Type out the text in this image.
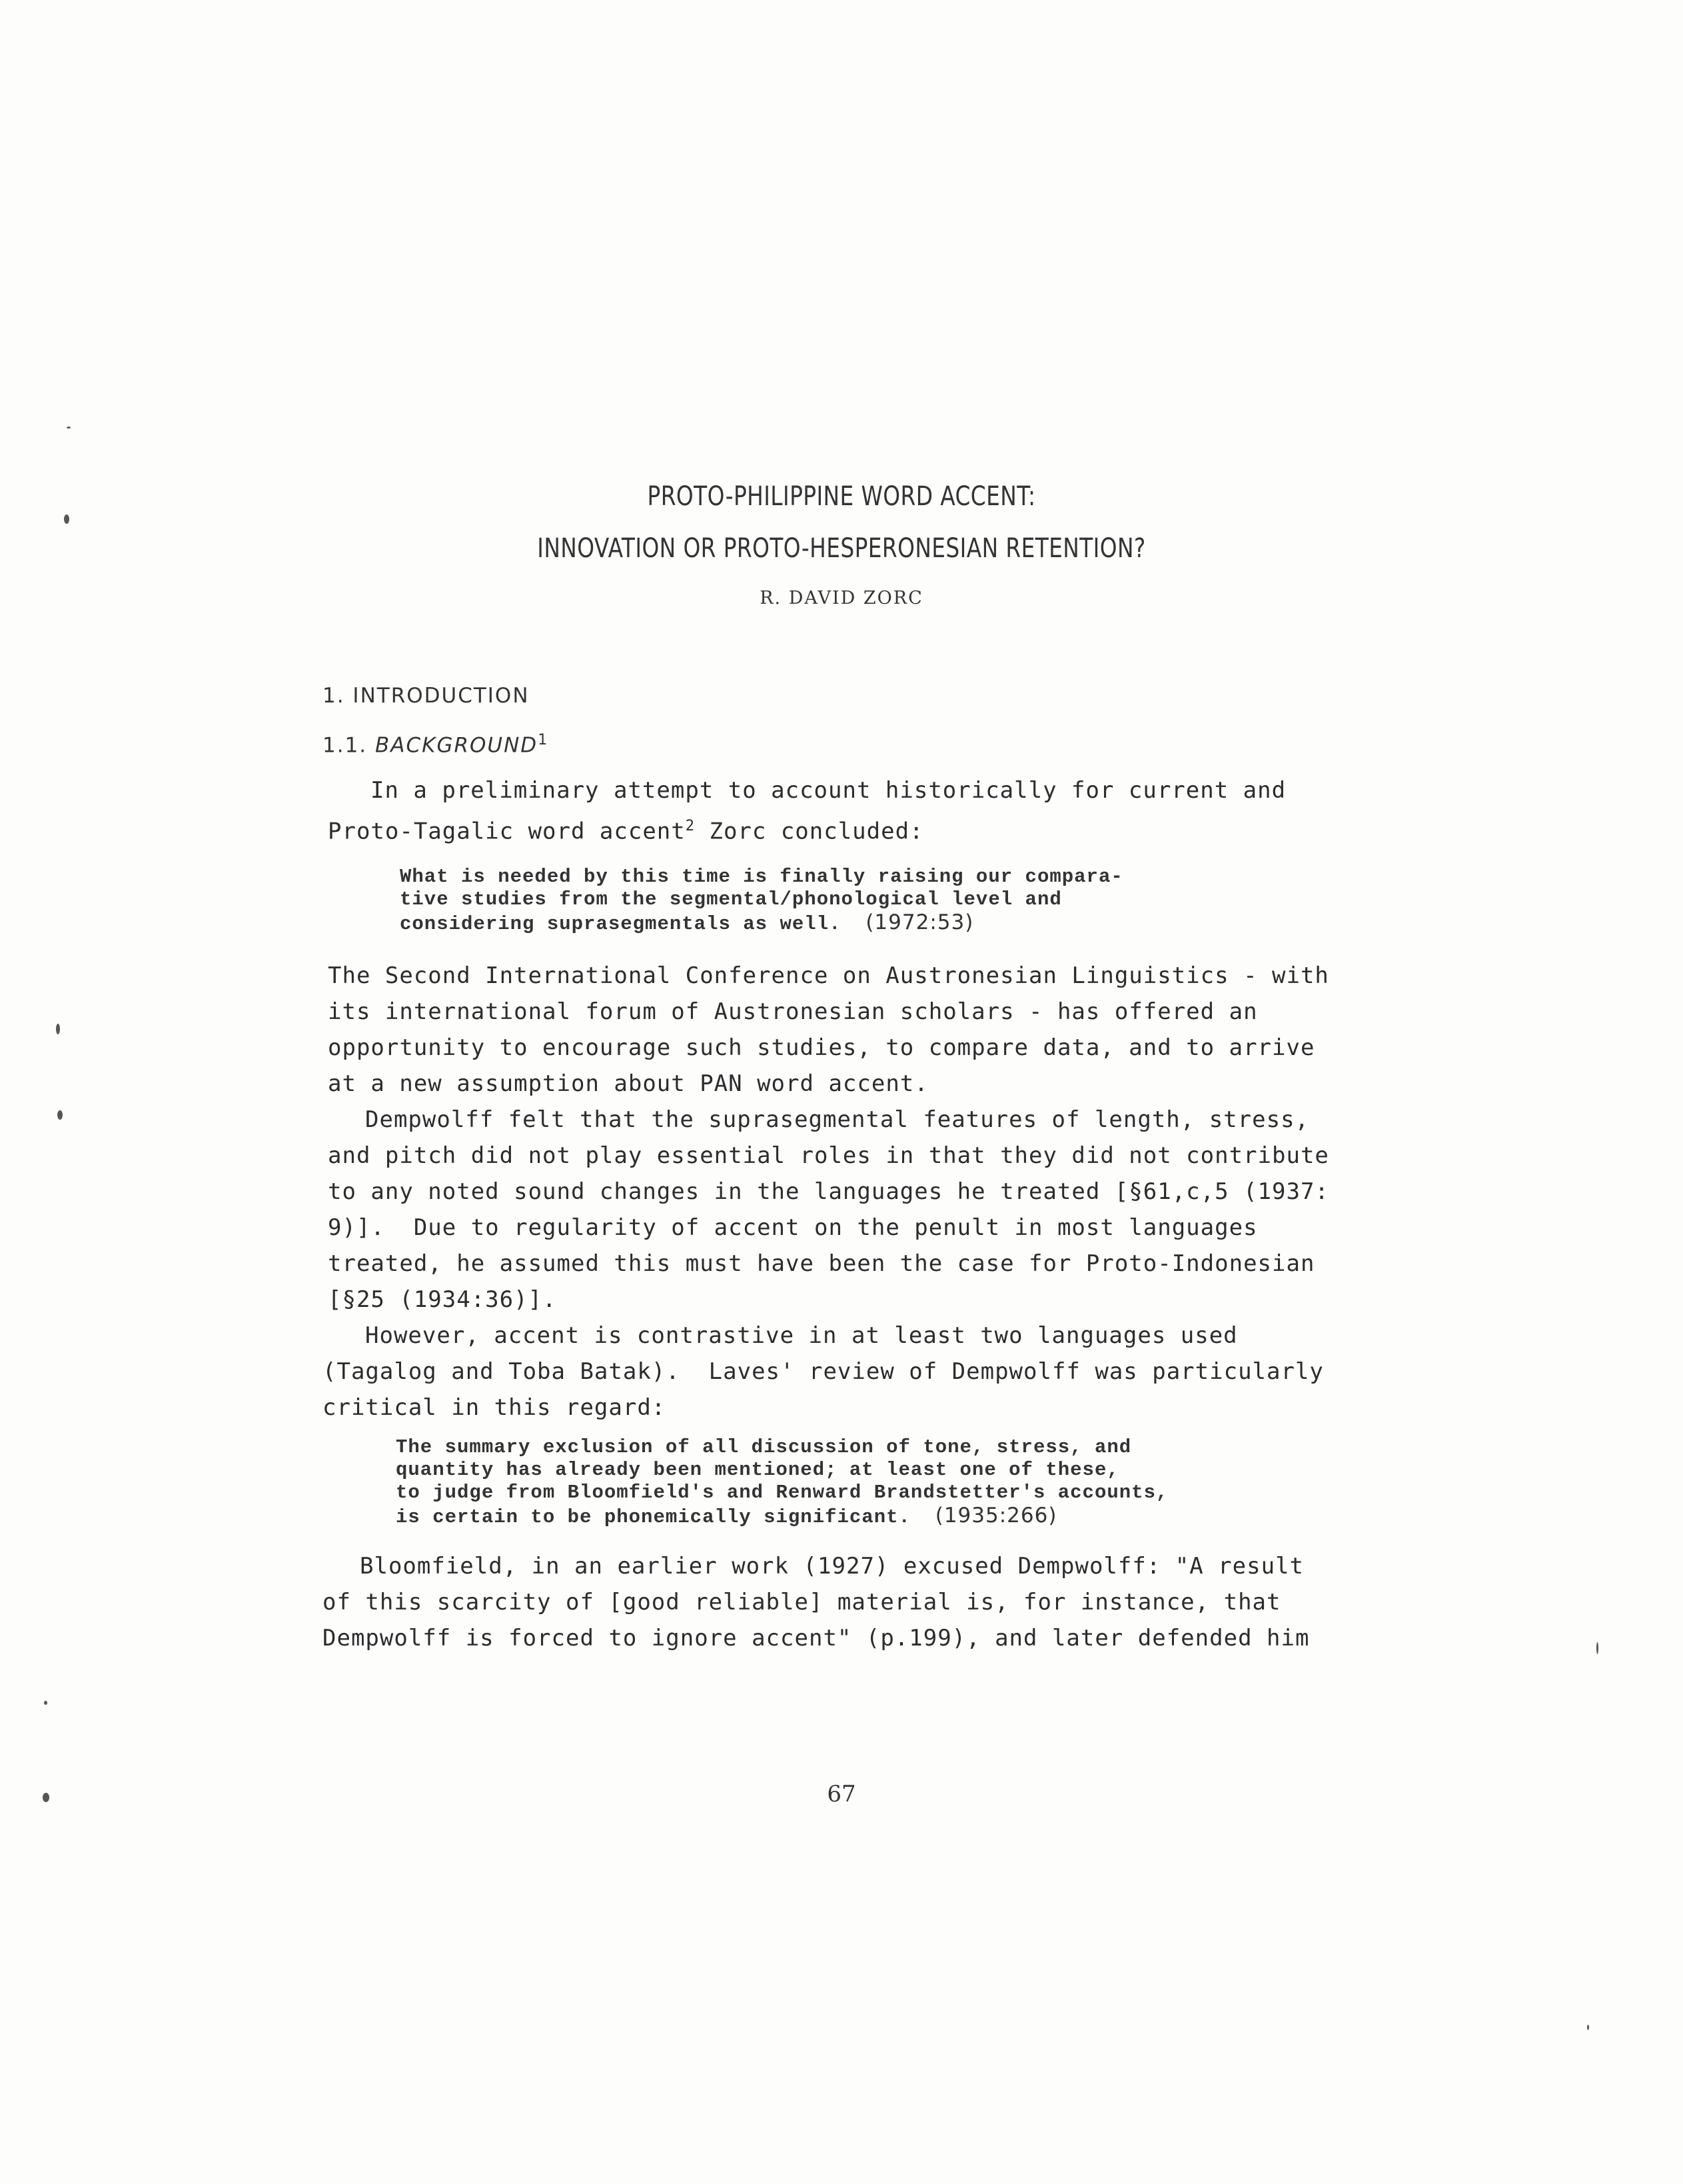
PROTO-PHILIPPINE WORD ACCENT:
INNOVATION OR PROTO-HESPERONESIAN RETENTION?
R. DAVID ZORC
1. INTRODUCTION
1.1. BACKGROUND$^1$
In a preliminary attempt to account historically for current and
Proto-Tagalic word accent$^2$ Zorc concluded:
What is needed by this time is finally raising our compara-
tive studies from the segmental/phonological level and
considering suprasegmentals as well. (1972:53)
The Second International Conference on Austronesian Linguistics - with
its international forum of Austronesian scholars - has offered an
opportunity to encourage such studies, to compare data, and to arrive
at a new assumption about PAN word accent.
Dempwolff felt that the suprasegmental features of length, stress,
and pitch did not play essential roles in that they did not contribute
to any noted sound changes in the languages he treated [§61,c,5 (1937:
9)].  Due to regularity of accent on the penult in most languages
treated, he assumed this must have been the case for Proto-Indonesian
[§25 (1934:36)].
However, accent is contrastive in at least two languages used
(Tagalog and Toba Batak).  Laves' review of Dempwolff was particularly
critical in this regard:
The summary exclusion of all discussion of tone, stress, and
quantity has already been mentioned; at least one of these,
to judge from Bloomfield's and Renward Brandstetter's accounts,
is certain to be phonemically significant. (1935:266)
Bloomfield, in an earlier work (1927) excused Dempwolff: "A result
of this scarcity of [good reliable] material is, for instance, that
Dempwolff is forced to ignore accent" (p.199), and later defended him
67
